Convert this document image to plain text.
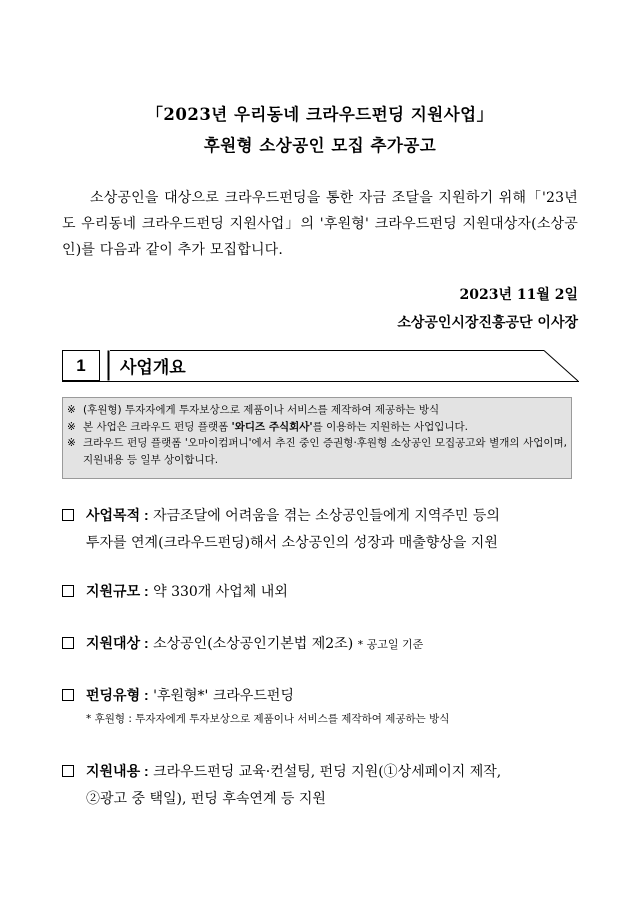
「2023년 우리동네 크라우드펀딩 지원사업」
후원형 소상공인 모집 추가공고
소상공인을 대상으로 크라우드펀딩을 통한 자금 조달을 지원하기 위해「'23년도 우리동네 크라우드펀딩 지원사업」의 '후원형' 크라우드펀딩 지원대상자(소상공인)를 다음과 같이 추가 모집합니다.
2023년 11월 2일
소상공인시장진흥공단 이사장
1	사업개요
※ (후원형) 투자자에게 투자보상으로 제품이나 서비스를 제작하여 제공하는 방식
※ 본 사업은 크라우드 펀딩 플랫폼 '와디즈 주식회사'를 이용하는 지원하는 사업입니다.
※ 크라우드 펀딩 플랫폼 '오마이컴퍼니'에서 추진 중인 증권형·후원형 소상공인 모집공고와 별개의 사업이며, 지원내용 등 일부 상이합니다.
사업목적 : 자금조달에 어려움을 겪는 소상공인들에게 지역주민 등의
투자를 연계(크라우드펀딩)해서 소상공인의 성장과 매출향상을 지원
지원규모 : 약 330개 사업체 내외
지원대상 : 소상공인(소상공인기본법 제2조) * 공고일 기준
펀딩유형 : '후원형*' 크라우드펀딩
* 후원형 : 투자자에게 투자보상으로 제품이나 서비스를 제작하여 제공하는 방식
지원내용 : 크라우드펀딩 교육·컨설팅, 펀딩 지원(①상세페이지 제작,
②광고 중 택일), 펀딩 후속연계 등 지원
